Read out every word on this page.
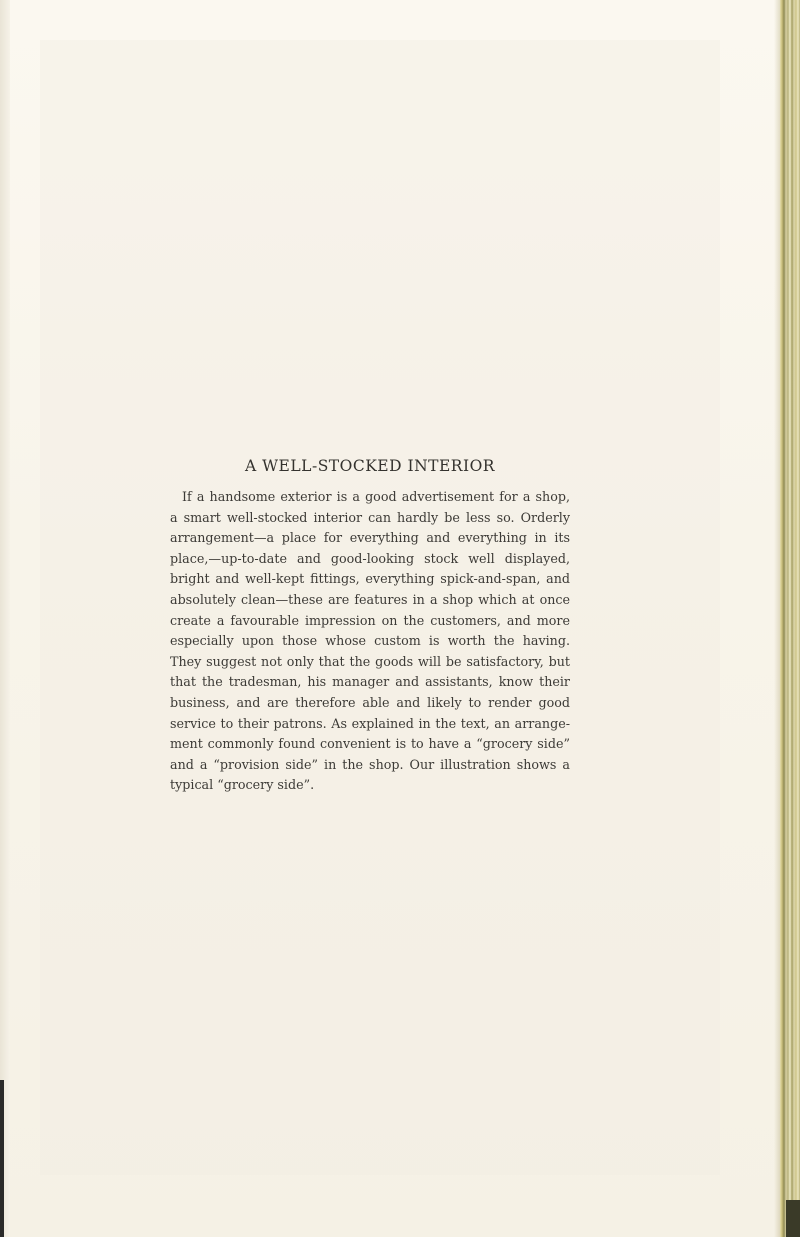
A WELL-STOCKED INTERIOR

If a handsome exterior is a good advertisement for a shop, a smart well-stocked interior can hardly be less so. Orderly arrangement—a place for everything and everything in its place,—up-to-date and good-looking stock well displayed, bright and well-kept fittings, everything spick-and-span, and absolutely clean—these are features in a shop which at once create a favourable impression on the customers, and more especially upon those whose custom is worth the having. They suggest not only that the goods will be satisfactory, but that the tradesman, his manager and assistants, know their business, and are therefore able and likely to render good service to their patrons. As explained in the text, an arrangement commonly found convenient is to have a “grocery side” and a “provision side” in the shop. Our illustration shows a typical “grocery side”.
